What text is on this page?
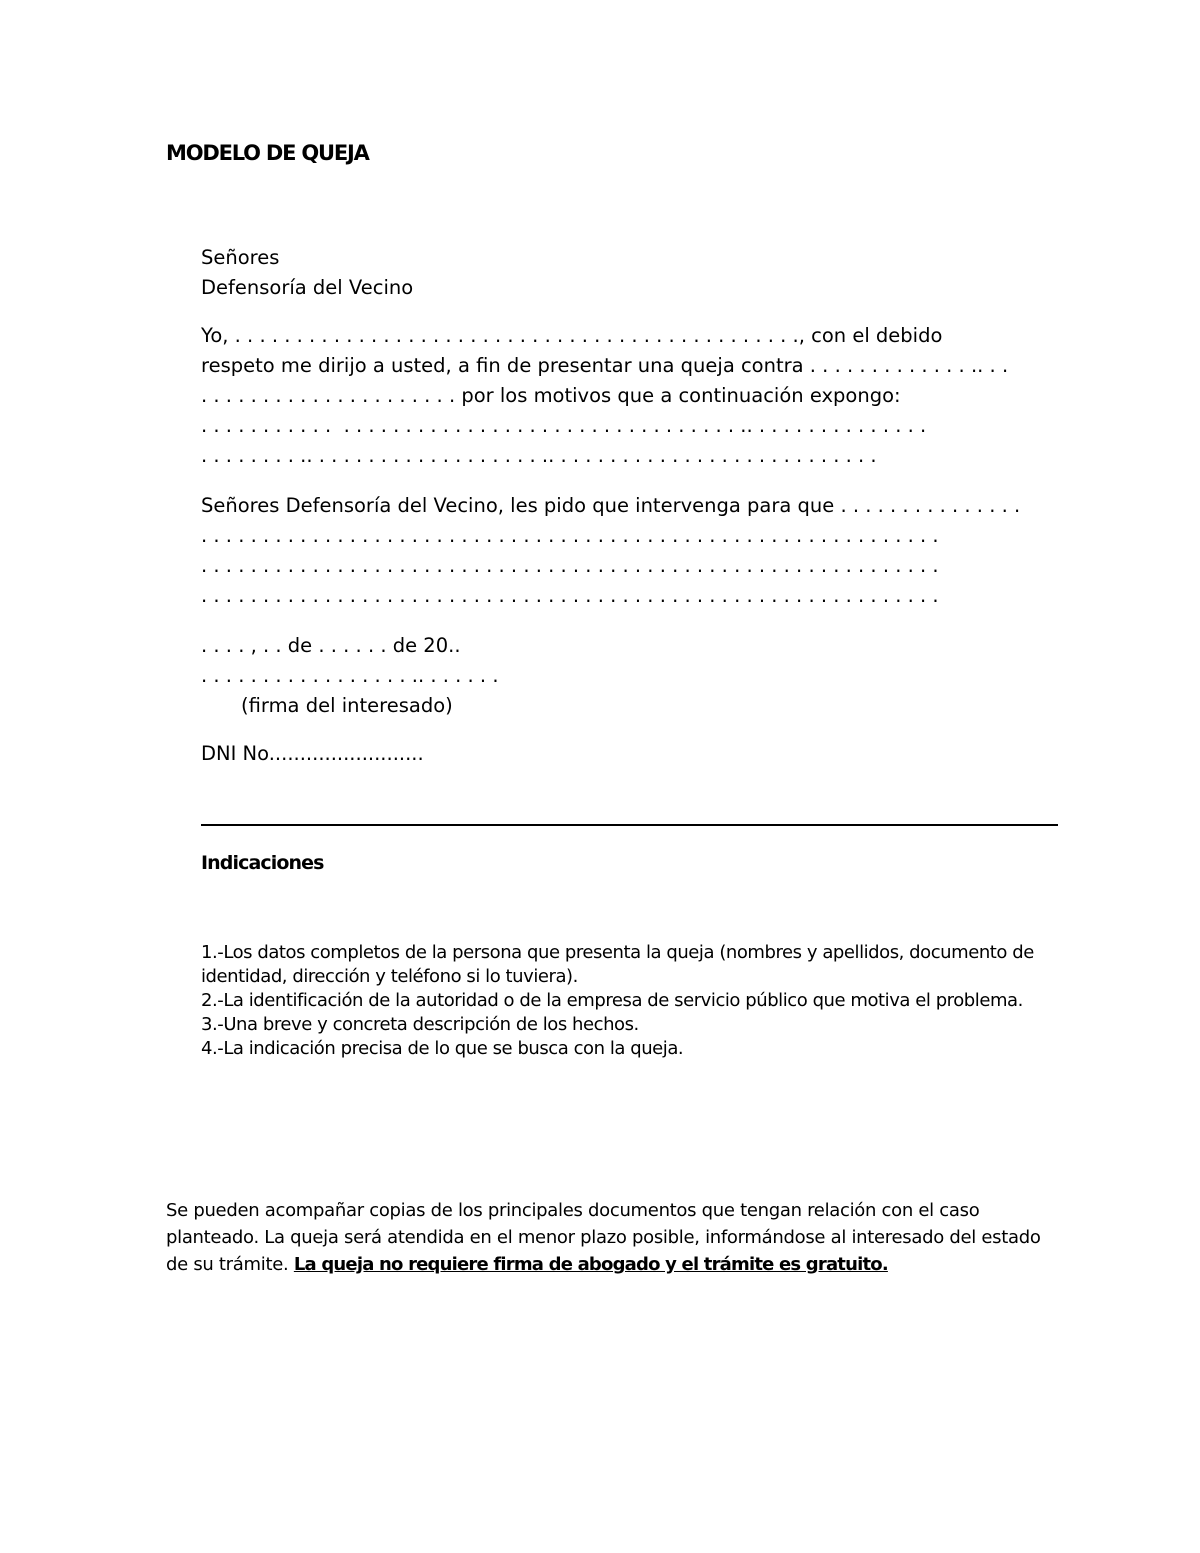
MODELO DE QUEJA
Señores
Defensoría del Vecino
Yo, . . . . . . . . . . . . . . . . . . . . . . . . . . . . . . . . . . . . . . . . . . . . . ., con el debido
respeto me dirijo a usted, a fin de presentar una queja contra . . . . . . . . . . . . . .. . .
. . . . . . . . . . . . . . . . . . . . . por los motivos que a continuación expongo:
. . . . . . . . . . .  . . . . . . . . . . . . . . . . . . . . . . . . . . . . . . . . .. . . . . . . . . . . . . . .
. . . . . . . . .. . . . . . . . . . . . . . . . . . . .. . . . . . . . . . . . . . . . . . . . . . . . . . .
Señores Defensoría del Vecino, les pido que intervenga para que . . . . . . . . . . . . . . .
. . . . . . . . . . . . . . . . . . . . . . . . . . . . . . . . . . . . . . . . . . . . . . . . . . . . . . . . . . . .
. . . . . . . . . . . . . . . . . . . . . . . . . . . . . . . . . . . . . . . . . . . . . . . . . . . . . . . . . . . .
. . . . . . . . . . . . . . . . . . . . . . . . . . . . . . . . . . . . . . . . . . . . . . . . . . . . . . . . . . . .
. . . . , . . de . . . . . . de 20..
. . . . . . . . . . . . . . . . . .. . . . . . .
(firma del interesado)
DNI No.........................
Indicaciones
1.-Los datos completos de la persona que presenta la queja (nombres y apellidos, documento de identidad, dirección y teléfono si lo tuviera).
2.-La identificación de la autoridad o de la empresa de servicio público que motiva el problema.
3.-Una breve y concreta descripción de los hechos.
4.-La indicación precisa de lo que se busca con la queja.

Se pueden acompañar copias de los principales documentos que tengan relación con el caso planteado. La queja será atendida en el menor plazo posible, informándose al interesado del estado de su trámite. La queja no requiere firma de abogado y el trámite es gratuito.
